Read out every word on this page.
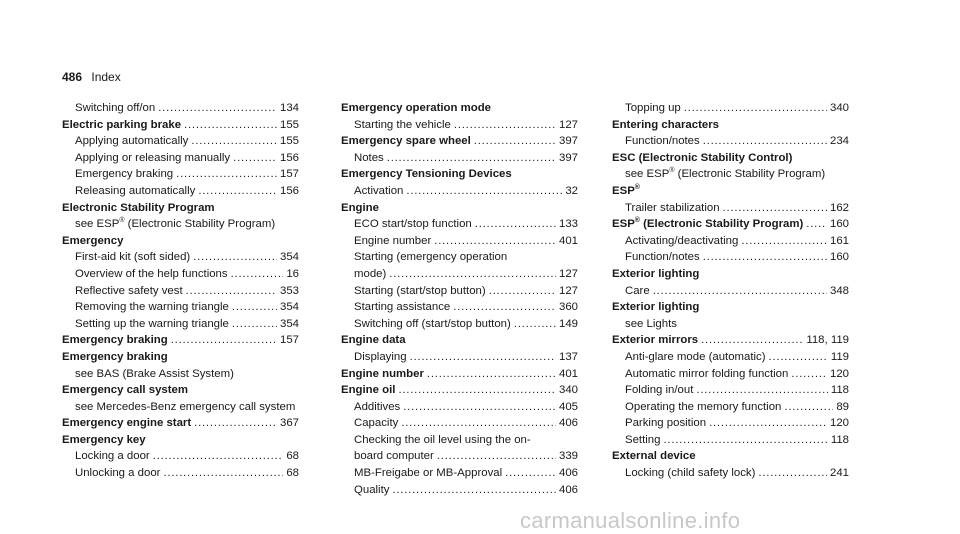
486 Index
Switching off/on . . .	134
Electric parking brake . . .	155
Applying automatically . . .	155
Applying or releasing manually . . .	156
Emergency braking . . .	157
Releasing automatically . . .	156
Electronic Stability Program
see ESP® (Electronic Stability Program)
Emergency
First-aid kit (soft sided) . . .	354
Overview of the help functions . . .	16
Reflective safety vest . . .	353
Removing the warning triangle . . .	354
Setting up the warning triangle . . .	354
Emergency braking . . .	157
Emergency braking
see BAS (Brake Assist System)
Emergency call system
see Mercedes-Benz emergency call system
Emergency engine start . . .	367
Emergency key
Locking a door . . .	68
Unlocking a door . . .	68
Emergency operation mode
Starting the vehicle . . .	127
Emergency spare wheel . . .	397
Notes . . .	397
Emergency Tensioning Devices
Activation . . .	32
Engine
ECO start/stop function . . .	133
Engine number . . .	401
Starting (emergency operation
mode) . . .	127
Starting (start/stop button) . . .	127
Starting assistance . . .	360
Switching off (start/stop button) . . .	149
Engine data
Displaying . . .	137
Engine number . . .	401
Engine oil . . .	340
Additives . . .	405
Capacity . . .	406
Checking the oil level using the on-
board computer . . .	339
MB-Freigabe or MB-Approval . . .	406
Quality . . .	406
Topping up . . .	340
Entering characters
Function/notes . . .	234
ESC (Electronic Stability Control)
see ESP® (Electronic Stability Program)
ESP®
Trailer stabilization . . .	162
ESP® (Electronic Stability Program) . . . 160
Activating/deactivating . . .	161
Function/notes . . .	160
Exterior lighting
Care . . .	348
Exterior lighting
see Lights
Exterior mirrors . . .	118, 119
Anti-glare mode (automatic) . . .	119
Automatic mirror folding function . . .	120
Folding in/out . . .	118
Operating the memory function . . .	89
Parking position . . .	120
Setting . . .	118
External device
Locking (child safety lock) . . .	241
carmanualsonline.info
